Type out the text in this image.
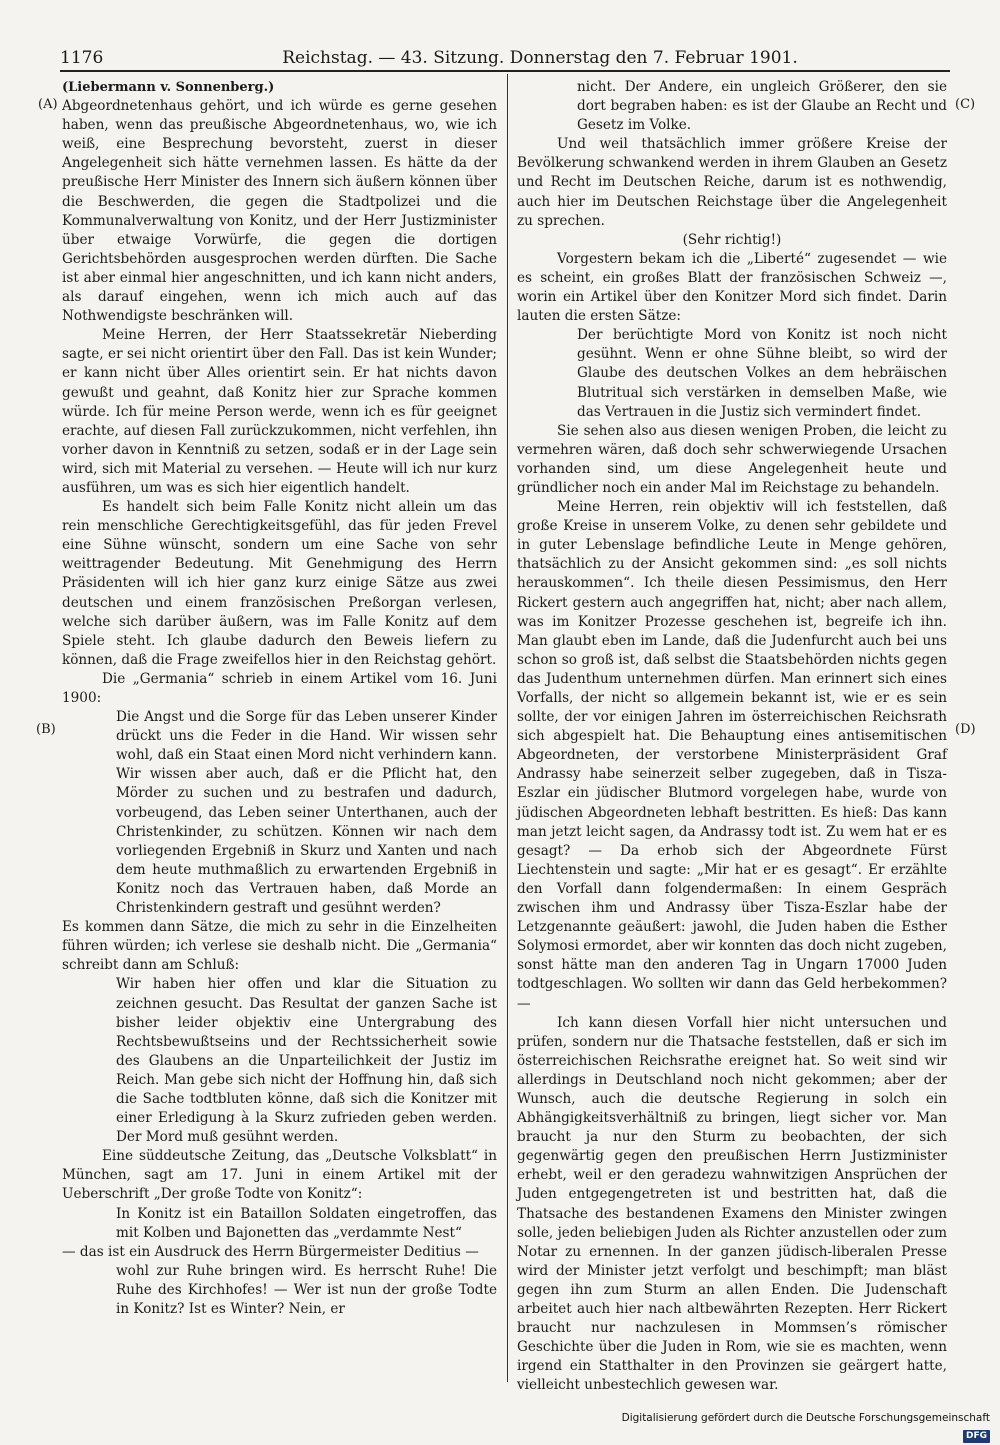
1176	Reichstag. — 43. Sitzung. Donnerstag den 7. Februar 1901.
(A)
(B)
(C)
(D)

(Liebermann v. Sonnenberg.)

Abgeordnetenhaus gehört, und ich würde es gerne gesehen haben, wenn das preußische Abgeordnetenhaus, wo, wie ich weiß, eine Besprechung bevorsteht, zuerst in dieser Angelegenheit sich hätte vernehmen lassen. Es hätte da der preußische Herr Minister des Innern sich äußern können über die Beschwerden, die gegen die Stadtpolizei und die Kommunalverwaltung von Konitz, und der Herr Justizminister über etwaige Vorwürfe, die gegen die dortigen Gerichtsbehörden ausgesprochen werden dürften. Die Sache ist aber einmal hier angeschnitten, und ich kann nicht anders, als darauf eingehen, wenn ich mich auch auf das Nothwendigste beschränken will.

Meine Herren, der Herr Staatssekretär Nieberding sagte, er sei nicht orientirt über den Fall. Das ist kein Wunder; er kann nicht über Alles orientirt sein. Er hat nichts davon gewußt und geahnt, daß Konitz hier zur Sprache kommen würde. Ich für meine Person werde, wenn ich es für geeignet erachte, auf diesen Fall zurückzukommen, nicht verfehlen, ihn vorher davon in Kenntniß zu setzen, sodaß er in der Lage sein wird, sich mit Material zu versehen. — Heute will ich nur kurz ausführen, um was es sich hier eigentlich handelt.

Es handelt sich beim Falle Konitz nicht allein um das rein menschliche Gerechtigkeitsgefühl, das für jeden Frevel eine Sühne wünscht, sondern um eine Sache von sehr weittragender Bedeutung. Mit Genehmigung des Herrn Präsidenten will ich hier ganz kurz einige Sätze aus zwei deutschen und einem französischen Preßorgan verlesen, welche sich darüber äußern, was im Falle Konitz auf dem Spiele steht. Ich glaube dadurch den Beweis liefern zu können, daß die Frage zweifellos hier in den Reichstag gehört.

Die „Germania“ schrieb in einem Artikel vom 16. Juni 1900:

Die Angst und die Sorge für das Leben unserer Kinder drückt uns die Feder in die Hand. Wir wissen sehr wohl, daß ein Staat einen Mord nicht verhindern kann. Wir wissen aber auch, daß er die Pflicht hat, den Mörder zu suchen und zu bestrafen und dadurch, vorbeugend, das Leben seiner Unterthanen, auch der Christenkinder, zu schützen. Können wir nach dem vorliegenden Ergebniß in Skurz und Xanten und nach dem heute muthmaßlich zu erwartenden Ergebniß in Konitz noch das Vertrauen haben, daß Morde an Christenkindern gestraft und gesühnt werden?

Es kommen dann Sätze, die mich zu sehr in die Einzelheiten führen würden; ich verlese sie deshalb nicht. Die „Germania“ schreibt dann am Schluß:

Wir haben hier offen und klar die Situation zu zeichnen gesucht. Das Resultat der ganzen Sache ist bisher leider objektiv eine Untergrabung des Rechtsbewußtseins und der Rechtssicherheit sowie des Glaubens an die Unparteilichkeit der Justiz im Reich. Man gebe sich nicht der Hoffnung hin, daß sich die Sache todtbluten könne, daß sich die Konitzer mit einer Erledigung à la Skurz zufrieden geben werden. Der Mord muß gesühnt werden.

Eine süddeutsche Zeitung, das „Deutsche Volksblatt“ in München, sagt am 17. Juni in einem Artikel mit der Ueberschrift „Der große Todte von Konitz“:

In Konitz ist ein Bataillon Soldaten eingetroffen, das mit Kolben und Bajonetten das „verdammte Nest“

— das ist ein Ausdruck des Herrn Bürgermeister Deditius —

wohl zur Ruhe bringen wird. Es herrscht Ruhe! Die Ruhe des Kirchhofes! — Wer ist nun der große Todte in Konitz? Ist es Winter? Nein, er

nicht. Der Andere, ein ungleich Größerer, den sie dort begraben haben: es ist der Glaube an Recht und Gesetz im Volke.

Und weil thatsächlich immer größere Kreise der Bevölkerung schwankend werden in ihrem Glauben an Gesetz und Recht im Deutschen Reiche, darum ist es nothwendig, auch hier im Deutschen Reichstage über die Angelegenheit zu sprechen.

(Sehr richtig!)

Vorgestern bekam ich die „Liberté“ zugesendet — wie es scheint, ein großes Blatt der französischen Schweiz —, worin ein Artikel über den Konitzer Mord sich findet. Darin lauten die ersten Sätze:

Der berüchtigte Mord von Konitz ist noch nicht gesühnt. Wenn er ohne Sühne bleibt, so wird der Glaube des deutschen Volkes an dem hebräischen Blutritual sich verstärken in demselben Maße, wie das Vertrauen in die Justiz sich vermindert findet.

Sie sehen also aus diesen wenigen Proben, die leicht zu vermehren wären, daß doch sehr schwerwiegende Ursachen vorhanden sind, um diese Angelegenheit heute und gründlicher noch ein ander Mal im Reichstage zu behandeln.

Meine Herren, rein objektiv will ich feststellen, daß große Kreise in unserem Volke, zu denen sehr gebildete und in guter Lebenslage befindliche Leute in Menge gehören, thatsächlich zu der Ansicht gekommen sind: „es soll nichts herauskommen“. Ich theile diesen Pessimismus, den Herr Rickert gestern auch angegriffen hat, nicht; aber nach allem, was im Konitzer Prozesse geschehen ist, begreife ich ihn. Man glaubt eben im Lande, daß die Judenfurcht auch bei uns schon so groß ist, daß selbst die Staatsbehörden nichts gegen das Judenthum unternehmen dürfen. Man erinnert sich eines Vorfalls, der nicht so allgemein bekannt ist, wie er es sein sollte, der vor einigen Jahren im österreichischen Reichsrath sich abgespielt hat. Die Behauptung eines antisemitischen Abgeordneten, der verstorbene Ministerpräsident Graf Andrassy habe seinerzeit selber zugegeben, daß in Tisza-Eszlar ein jüdischer Blutmord vorgelegen habe, wurde von jüdischen Abgeordneten lebhaft bestritten. Es hieß: Das kann man jetzt leicht sagen, da Andrassy todt ist. Zu wem hat er es gesagt? — Da erhob sich der Abgeordnete Fürst Liechtenstein und sagte: „Mir hat er es gesagt“. Er erzählte den Vorfall dann folgendermaßen: In einem Gespräch zwischen ihm und Andrassy über Tisza-Eszlar habe der Letzgenannte geäußert: jawohl, die Juden haben die Esther Solymosi ermordet, aber wir konnten das doch nicht zugeben, sonst hätte man den anderen Tag in Ungarn 17000 Juden todtgeschlagen. Wo sollten wir dann das Geld herbekommen? —

Ich kann diesen Vorfall hier nicht untersuchen und prüfen, sondern nur die Thatsache feststellen, daß er sich im österreichischen Reichsrathe ereignet hat. So weit sind wir allerdings in Deutschland noch nicht gekommen; aber der Wunsch, auch die deutsche Regierung in solch ein Abhängigkeitsverhältniß zu bringen, liegt sicher vor. Man braucht ja nur den Sturm zu beobachten, der sich gegenwärtig gegen den preußischen Herrn Justizminister erhebt, weil er den geradezu wahnwitzigen Ansprüchen der Juden entgegengetreten ist und bestritten hat, daß die Thatsache des bestandenen Examens den Minister zwingen solle, jeden beliebigen Juden als Richter anzustellen oder zum Notar zu ernennen. In der ganzen jüdisch-liberalen Presse wird der Minister jetzt verfolgt und beschimpft; man bläst gegen ihn zum Sturm an allen Enden. Die Judenschaft arbeitet auch hier nach altbewährten Rezepten. Herr Rickert braucht nur nachzulesen in Mommsen’s römischer Geschichte über die Juden in Rom, wie sie es machten, wenn irgend ein Statthalter in den Provinzen sie geärgert hatte, vielleicht unbestechlich gewesen war.

Digitalisierung gefördert durch die Deutsche Forschungsgemeinschaft DFG
